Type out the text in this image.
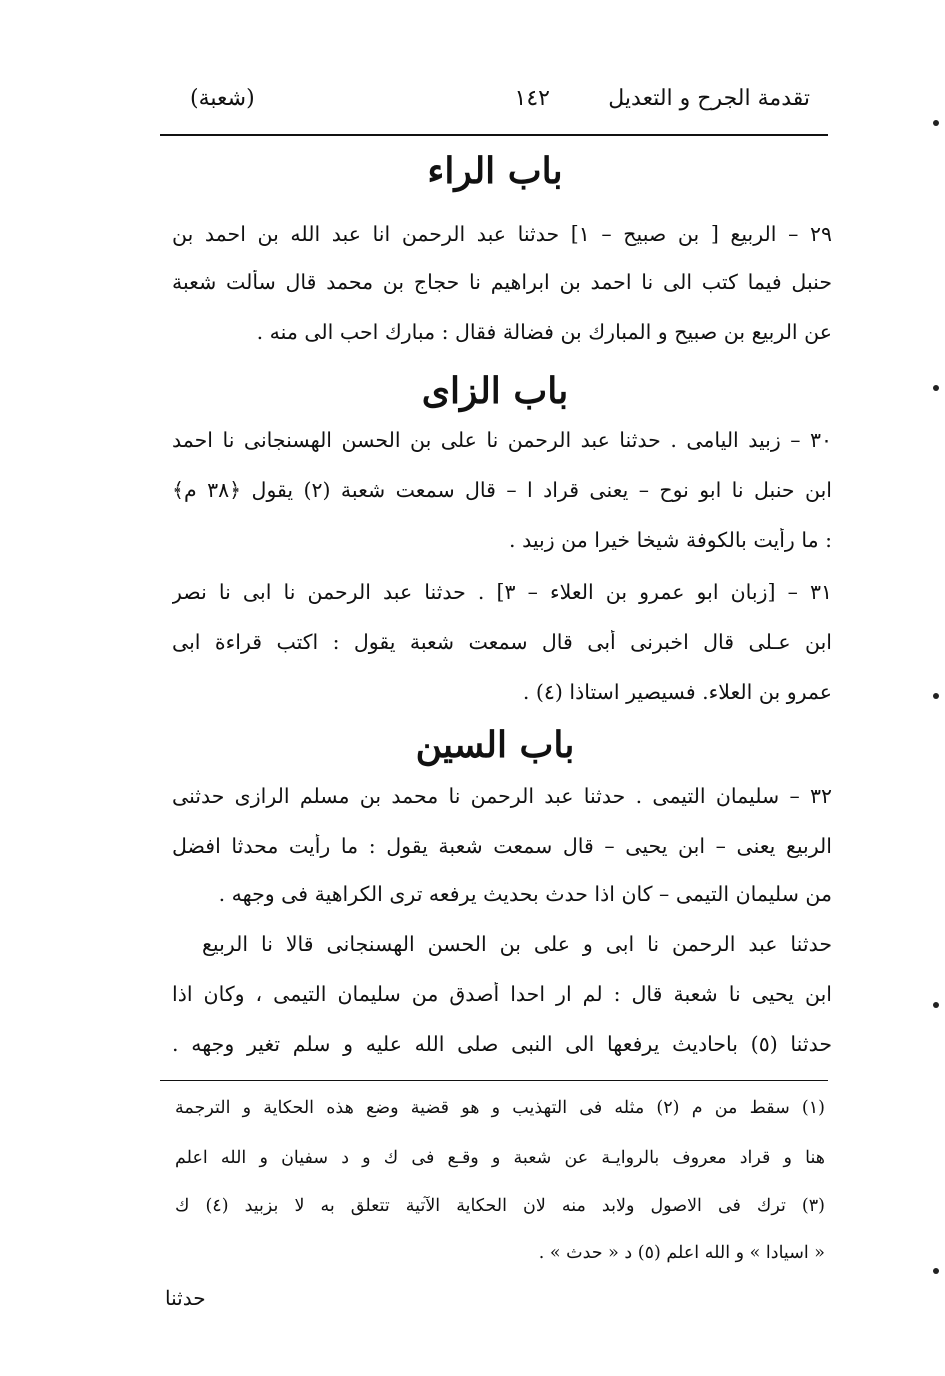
تقدمة الجرح و التعديل
١٤٢
(شعبة)
باب الراء
٢٩ – الربيع [ بن صبيح – ١] حدثنا عبد الرحمن انا عبد الله بن احمد بن
حنبل فيما كتب الى نا احمد بن ابراهيم نا حجاج بن محمد قال سألت شعبة
عن الربيع بن صبيح و المبارك بن فضالة فقال : مبارك احب الى منه .
باب الزاى
٣٠ – زبيد اليامى . حدثنا عبد الرحمن نا على بن الحسن الهسنجانى نا احمد
ابن حنبل نا ابو نوح – يعنى قراد ا – قال سمعت شعبة (٢) يقول ﴿٣٨ م﴾
: ما رأيت بالكوفة شيخا خيرا من زبيد .
٣١ – [زبان ابو عمرو بن العلاء – ٣] . حدثنا عبد الرحمن نا ابى نا نصر
ابن عـلى قال اخبرنى أبى قال سمعت شعبة يقول : اكتب قراءة ابى
عمرو بن العلاء. فسيصير استاذا (٤) .
باب السين
٣٢ – سليمان التيمى . حدثنا عبد الرحمن نا محمد بن مسلم الرازى حدثنى
الربيع يعنى – ابن يحيى – قال سمعت شعبة يقول : ما رأيت محدثا افضل
من سليمان التيمى – كان اذا حدث بحديث يرفعه ترى الكراهية فى وجهه .
حدثنا عبد الرحمن نا ابى و على بن الحسن الهسنجانى قالا نا الربيع
ابن يحيى نا شعبة قال : لم ار احدا أصدق من سليمان التيمى ، وكان اذا
حدثنا (٥) باحاديث يرفعها الى النبى صلى الله عليه و سلم تغير وجهه .
(١) سقط من م (٢) مثله فى التهذيب و هو قضية وضع هذه الحكاية و الترجمة
هنا و قراد معروف بالروايـة عن شعبة و وقـع فى ك و د سفيان و الله اعلم
(٣) ترك فى الاصول ولابد منه لان الحكاية الآتية تتعلق به لا بزبيد (٤) ك
« اسيادا » و الله اعلم (٥) د « حدث » .
حدثنا
